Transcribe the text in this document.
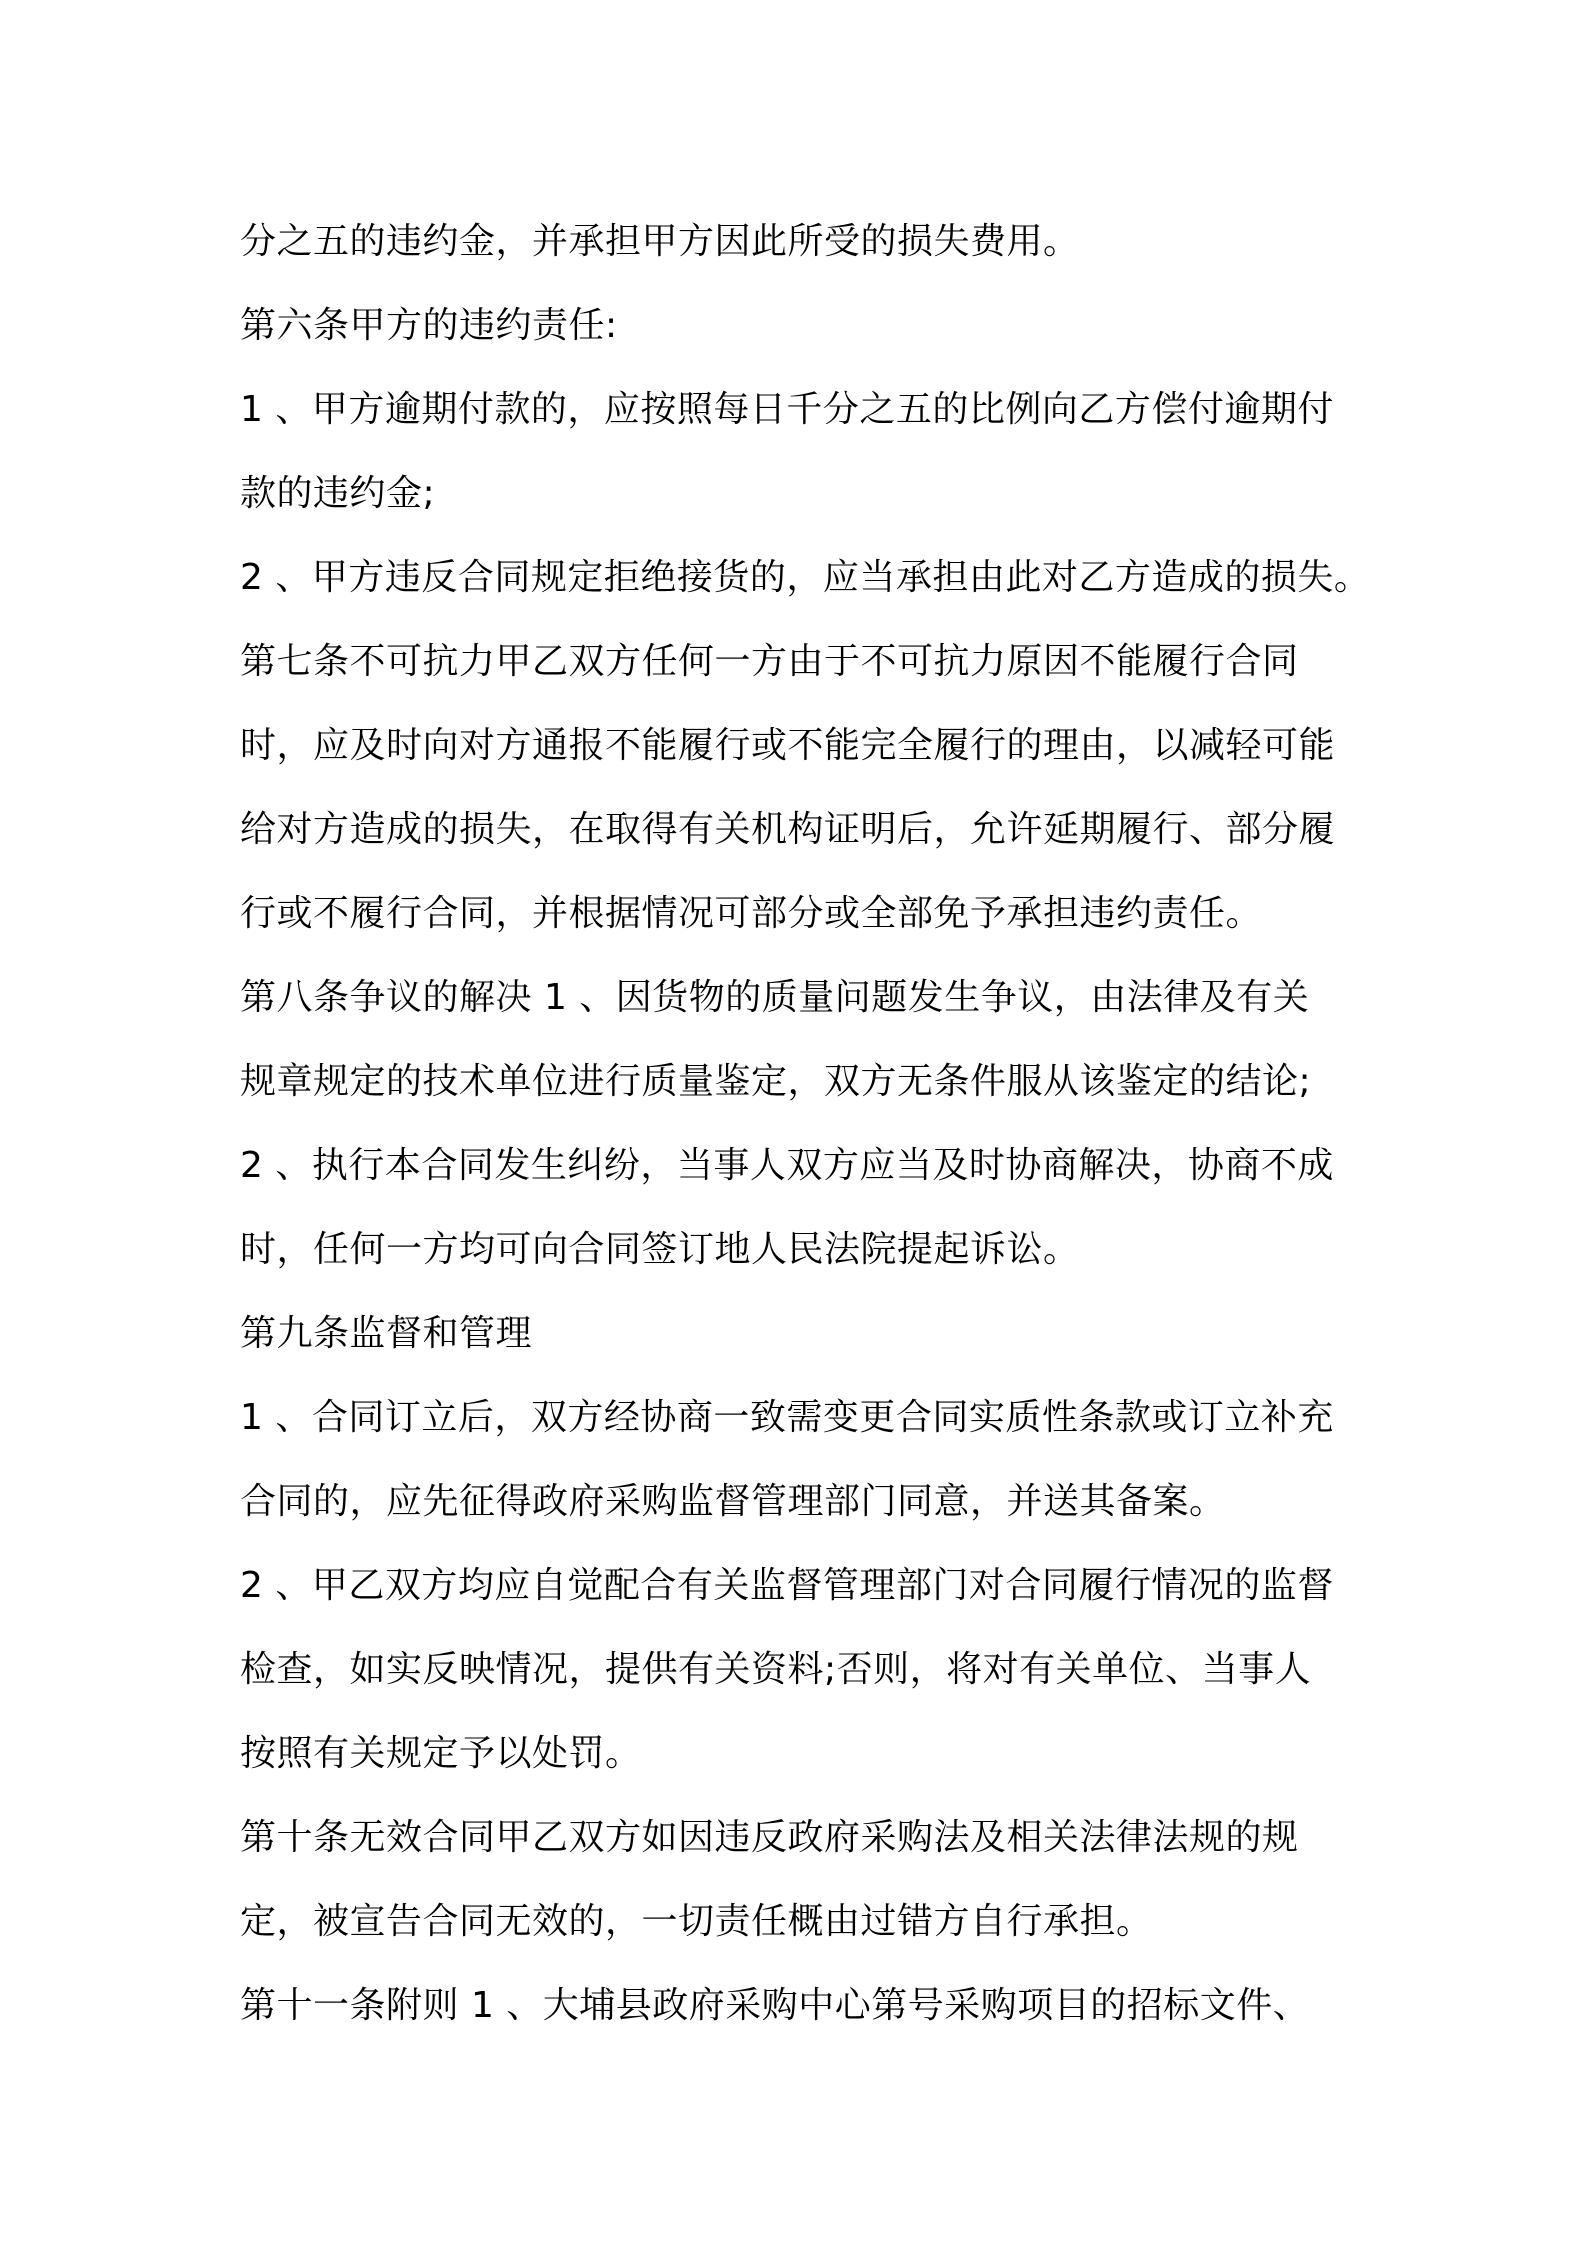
分之五的违约金，并承担甲方因此所受的损失费用。
第六条甲方的违约责任:
1 、甲方逾期付款的，应按照每日千分之五的比例向乙方偿付逾期付
款的违约金;
2 、甲方违反合同规定拒绝接货的，应当承担由此对乙方造成的损失。
第七条不可抗力甲乙双方任何一方由于不可抗力原因不能履行合同
时，应及时向对方通报不能履行或不能完全履行的理由，以减轻可能
给对方造成的损失，在取得有关机构证明后，允许延期履行、部分履
行或不履行合同，并根据情况可部分或全部免予承担违约责任。
第八条争议的解决 1 、因货物的质量问题发生争议，由法律及有关
规章规定的技术单位进行质量鉴定，双方无条件服从该鉴定的结论;
2 、执行本合同发生纠纷，当事人双方应当及时协商解决，协商不成
时，任何一方均可向合同签订地人民法院提起诉讼。
第九条监督和管理
1 、合同订立后，双方经协商一致需变更合同实质性条款或订立补充
合同的，应先征得政府采购监督管理部门同意，并送其备案。
2 、甲乙双方均应自觉配合有关监督管理部门对合同履行情况的监督
检查，如实反映情况，提供有关资料;否则，将对有关单位、当事人
按照有关规定予以处罚。
第十条无效合同甲乙双方如因违反政府采购法及相关法律法规的规
定，被宣告合同无效的，一切责任概由过错方自行承担。
第十一条附则 1 、大埔县政府采购中心第号采购项目的招标文件、
